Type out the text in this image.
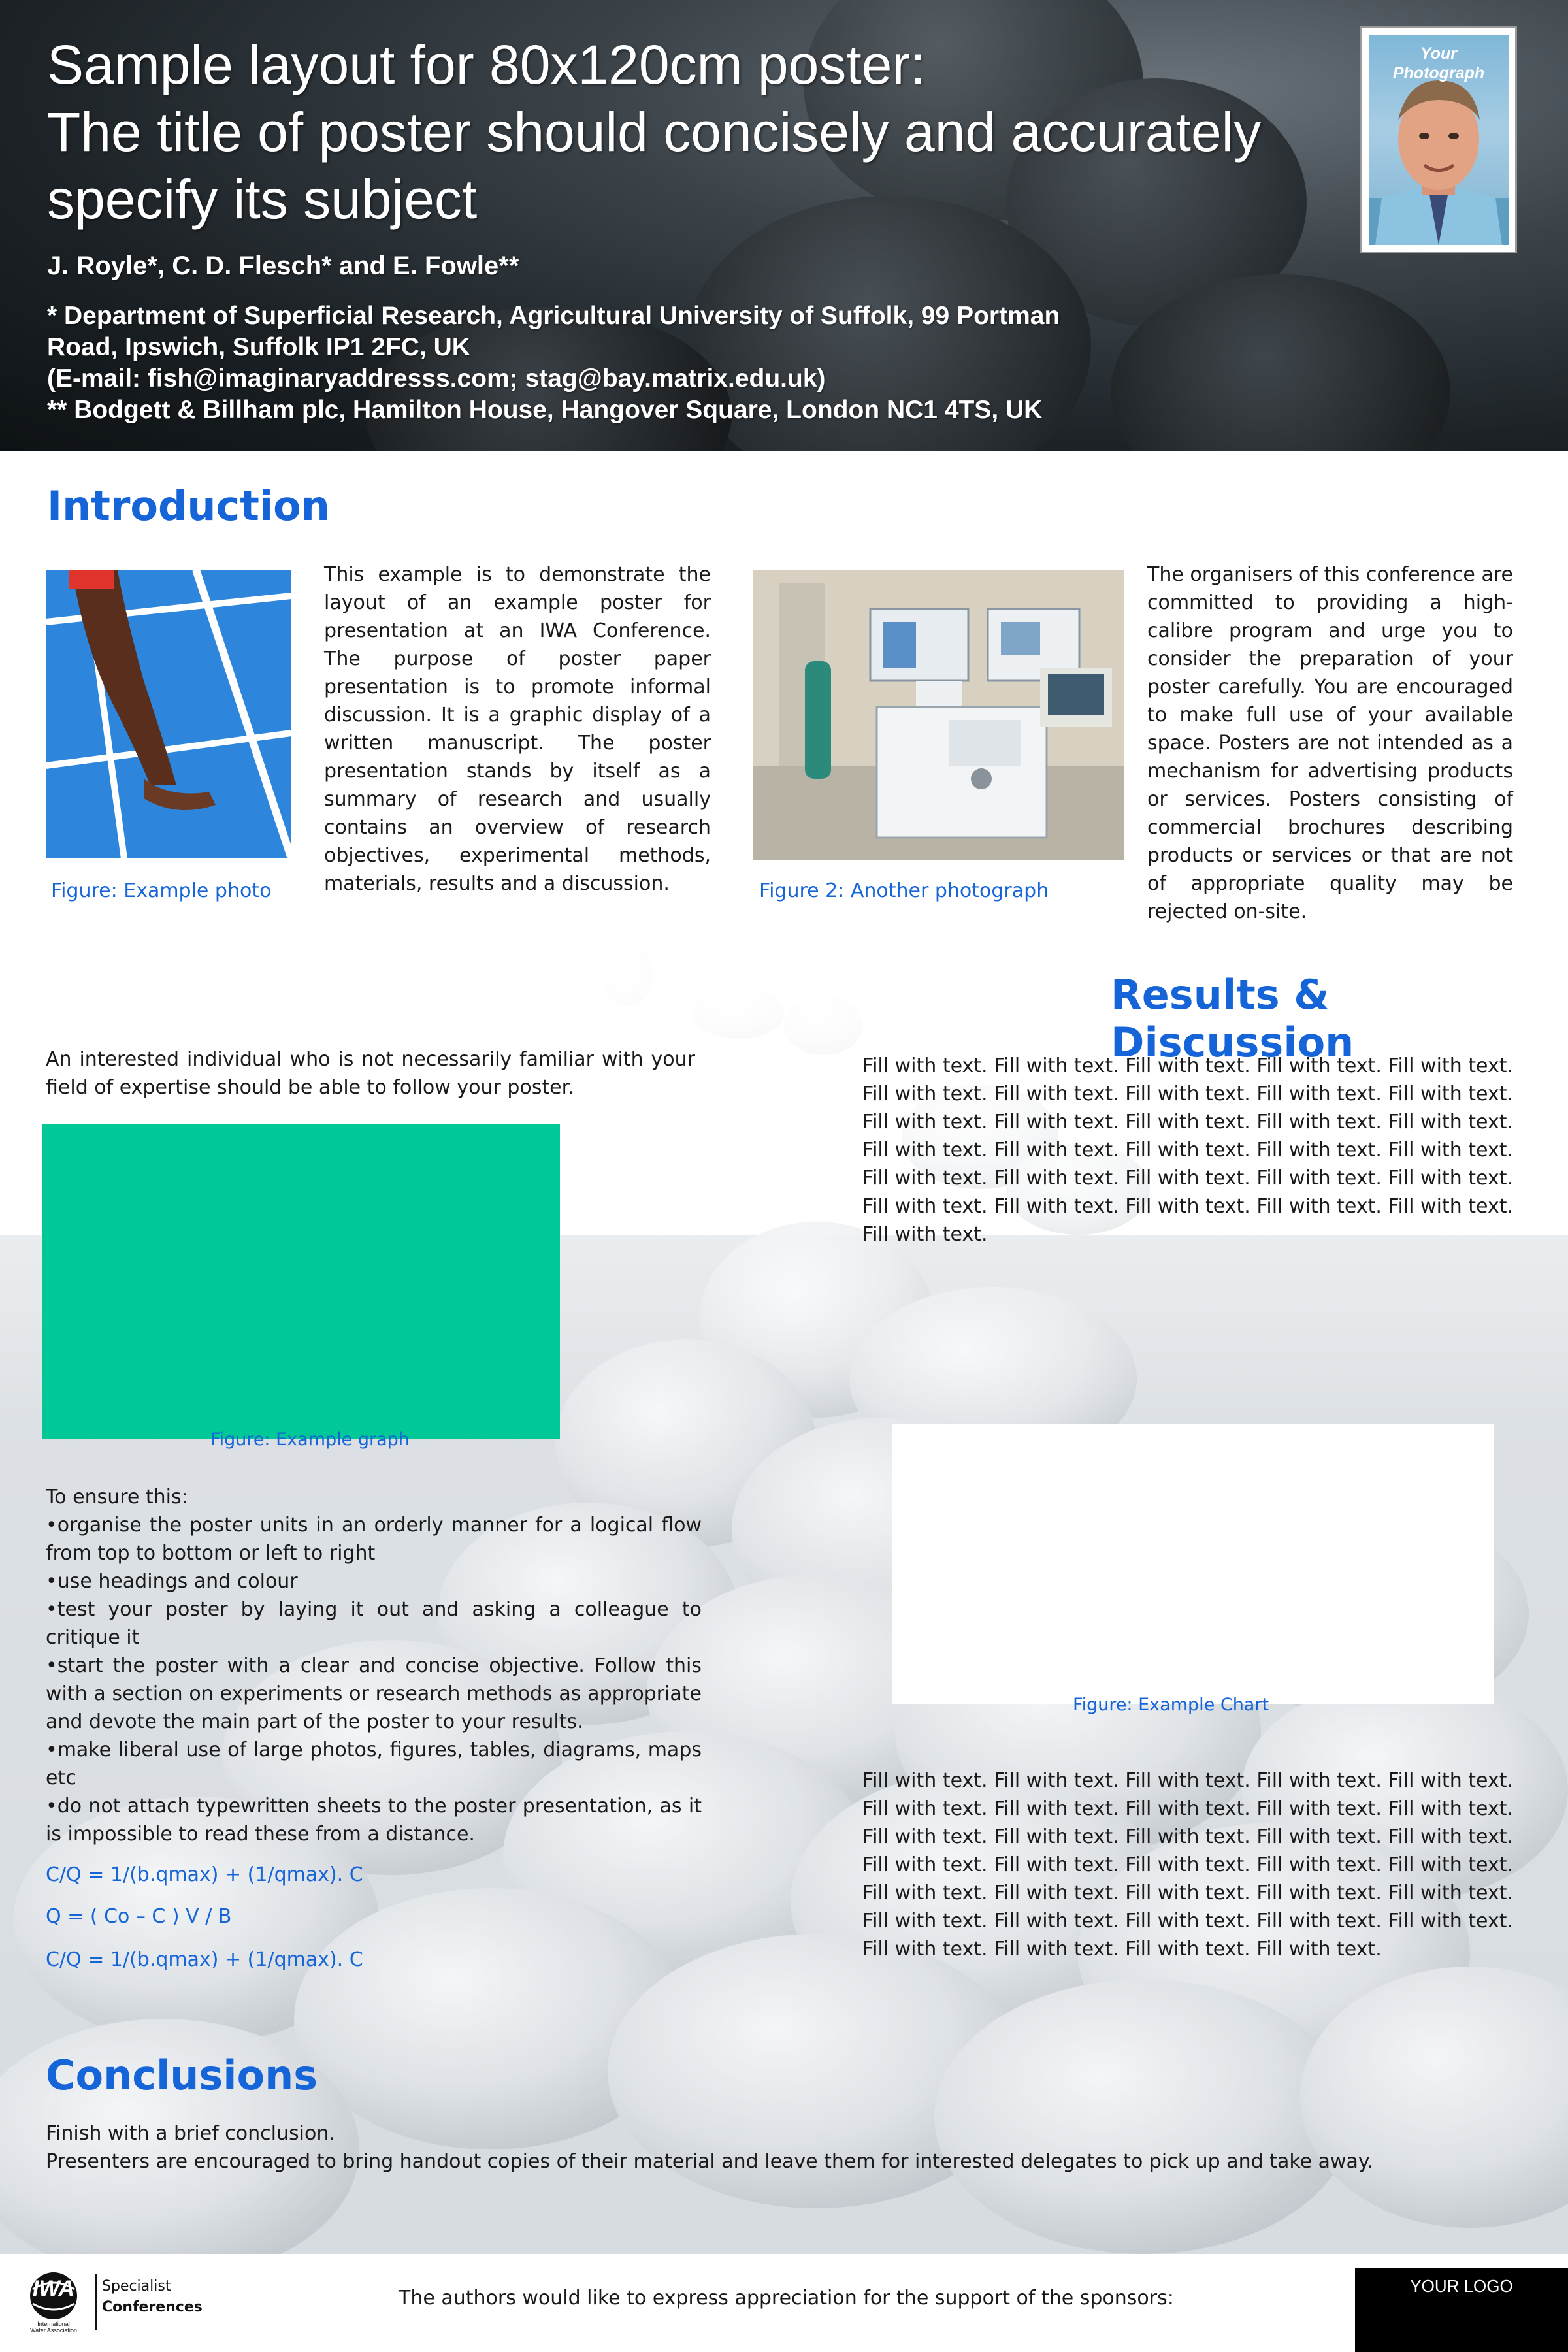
Sample layout for 80x120cm poster:
The title of poster should concisely and accurately
specify its subject
J. Royle*, C. D. Flesch* and E. Fowle**
* Department of Superficial Research, Agricultural University of Suffolk, 99 Portman
Road, Ipswich, Suffolk IP1 2FC, UK
(E-mail: fish@imaginaryaddresss.com; stag@bay.matrix.edu.uk)
** Bodgett & Billham plc, Hamilton House, Hangover Square, London NC1 4TS, UK
Your
Photograph
Introduction
Figure: Example photo
This example is to demonstrate the layout of an example poster for presentation at an IWA Conference. The purpose of poster paper presentation is to promote informal discussion. It is a graphic display of a written manuscript. The poster presentation stands by itself as a summary of research and usually contains an overview of research objectives, experimental methods, materials, results and a discussion.	Figure 2: Another photograph
The organisers of this conference are committed to providing a high-calibre program and urge you to consider the preparation of your poster carefully. You are encouraged to make full use of your available space. Posters are not intended as a mechanism for advertising products or services. Posters consisting of commercial brochures describing products or services or that are not of appropriate quality may be rejected on-site.
An interested individual who is not necessarily familiar with your field of expertise should be able to follow your poster.
Figure: Example graph
To ensure this:
•organise the poster units in an orderly manner for a logical flow from top to bottom or left to right
•use headings and colour
•test your poster by laying it out and asking a colleague to critique it
•start the poster with a clear and concise objective. Follow this with a section on experiments or research methods as appropriate and devote the main part of the poster to your results.
•make liberal use of large photos, figures, tables, diagrams, maps etc
•do not attach typewritten sheets to the poster presentation, as it is impossible to read these from a distance.
C/Q = 1/(b.qmax) + (1/qmax). C
Q = ( Co – C ) V / B
C/Q = 1/(b.qmax) + (1/qmax). C
Results & Discussion
Fill with text. Fill with text. Fill with text. Fill with text. Fill with text. Fill with text. Fill with text. Fill with text. Fill with text. Fill with text. Fill with text. Fill with text. Fill with text. Fill with text. Fill with text. Fill with text. Fill with text. Fill with text. Fill with text. Fill with text. Fill with text. Fill with text. Fill with text. Fill with text. Fill with text. Fill with text. Fill with text. Fill with text. Fill with text. Fill with text. Fill with text.
Figure: Example Chart
Fill with text. Fill with text. Fill with text. Fill with text. Fill with text. Fill with text. Fill with text. Fill with text. Fill with text. Fill with text. Fill with text. Fill with text. Fill with text. Fill with text. Fill with text. Fill with text. Fill with text. Fill with text. Fill with text. Fill with text. Fill with text. Fill with text. Fill with text. Fill with text. Fill with text. Fill with text. Fill with text. Fill with text. Fill with text. Fill with text. Fill with text. Fill with text. Fill with text. Fill with text.
Conclusions
Finish with a brief conclusion.
Presenters are encouraged to bring handout copies of their material and leave them for interested delegates to pick up and take away.
IWA
International
Water Association
Specialist
Conferences	The authors would like to express appreciation for the support of the sponsors:
YOUR LOGO
